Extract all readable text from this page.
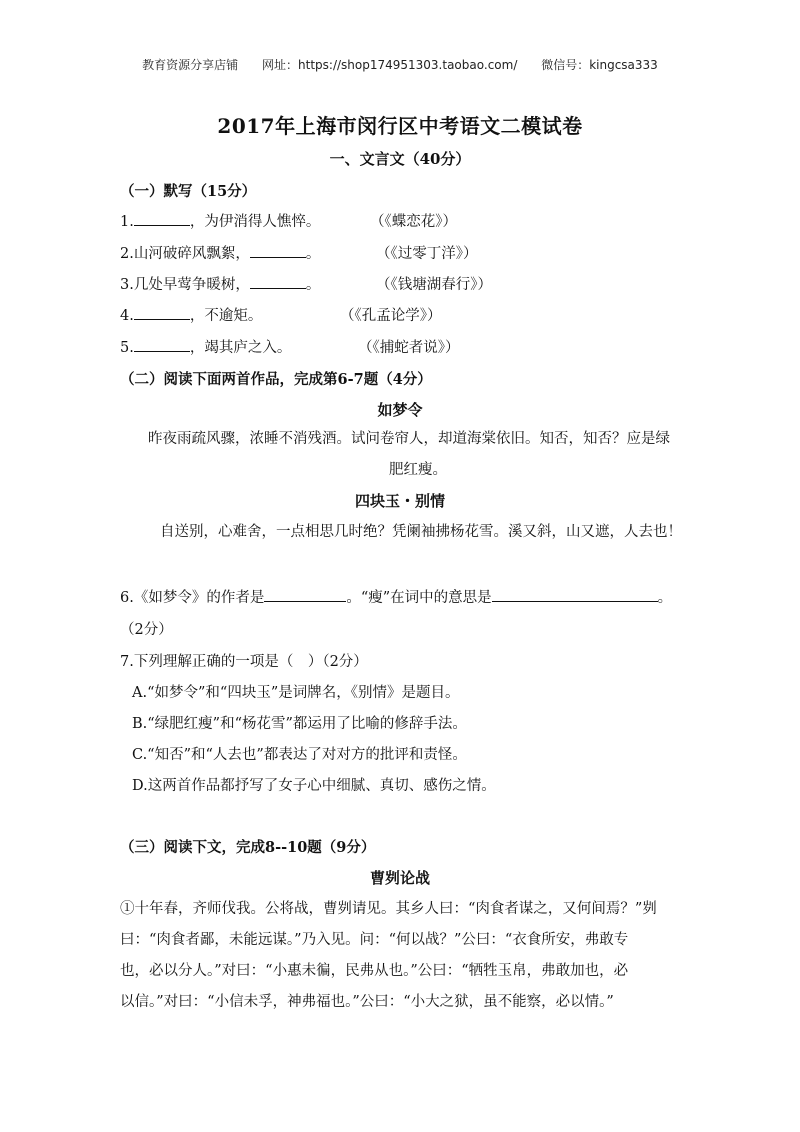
教育资源分享店铺 网址：https://shop174951303.taobao.com/ 微信号：kingcsa333
2017年上海市闵行区中考语文二模试卷
一、文言文（40分）
（一）默写（15分）
1.	，为伊消得人憔悴。	（《蝶恋花》）
2.山河破碎风飘絮，	。	（《过零丁洋》）
3.几处早莺争暖树，	。	（《钱塘湖春行》）
4.	，不逾矩。	（《孔孟论学》）
5.	，竭其庐之入。	（《捕蛇者说》）
（二）阅读下面两首作品，完成第6-7题（4分）
如梦令
昨夜雨疏风骤，浓睡不消残酒。试问卷帘人，却道海棠依旧。知否，知否？应是绿
肥红瘦。
四块玉・别情
自送别，心难舍，一点相思几时绝？凭阑袖拂杨花雪。溪又斜，山又遮，人去也！
6.《如梦令》的作者是	。“瘦”在词中的意思是	。
（2分）
7.下列理解正确的一项是（　）（2分）
A.“如梦令”和“四块玉”是词牌名，《别情》是题目。
B.“绿肥红瘦”和“杨花雪”都运用了比喻的修辞手法。
C.“知否”和“人去也”都表达了对对方的批评和责怪。
D.这两首作品都抒写了女子心中细腻、真切、感伤之情。
（三）阅读下文，完成8--10题（9分）
曹刿论战
①十年春，齐师伐我。公将战，曹刿请见。其乡人曰：“肉食者谋之，又何间焉？”刿
曰：“肉食者鄙，未能远谋。”乃入见。问：“何以战？”公曰：“衣食所安，弗敢专
也，必以分人。”对曰：“小惠未徧，民弗从也。”公曰：“牺牲玉帛，弗敢加也，必
以信。”对曰：“小信未孚，神弗福也。”公曰：“小大之狱，虽不能察，必以情。”
